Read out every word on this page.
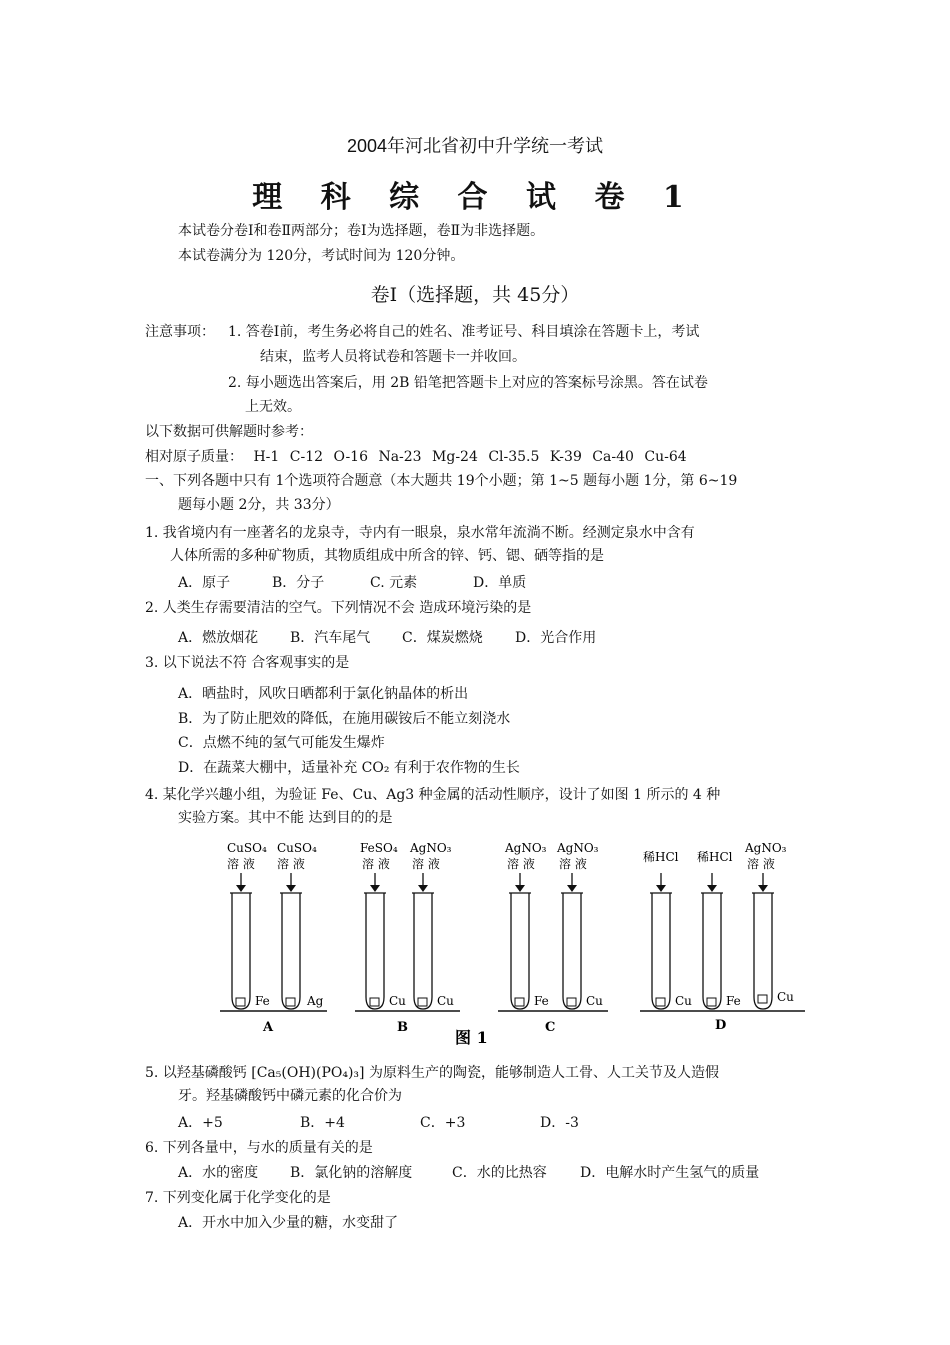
2004年河北省初中升学统一考试
理 科 综 合 试 卷 1
本试卷分卷Ⅰ和卷Ⅱ两部分；卷Ⅰ为选择题，卷Ⅱ为非选择题。
本试卷满分为 120分，考试时间为 120分钟。
卷Ⅰ（选择题，共 45分）
注意事项： 1. 答卷Ⅰ前，考生务必将自己的姓名、准考证号、科目填涂在答题卡上，考试
结束，监考人员将试卷和答题卡一并收回。
2. 每小题选出答案后，用 2B 铅笔把答题卡上对应的答案标号涂黑。答在试卷
上无效。
以下数据可供解题时参考：
相对原子质量： H-1 C-12 O-16 Na-23 Mg-24 Cl-35.5 K-39 Ca-40 Cu-64
一、下列各题中只有 1个选项符合题意（本大题共 19个小题；第 1~5 题每小题 1分，第 6~19
题每小题 2分，共 33分）
1. 我省境内有一座著名的龙泉寺，寺内有一眼泉，泉水常年流淌不断。经测定泉水中含有
人体所需的多种矿物质，其物质组成中所含的锌、钙、锶、硒等指的是
A．原子	B．分子	C. 元素	D．单质
2. 人类生存需要清洁的空气。下列情况不会 造成环境污染的是
A．燃放烟花 B．汽车尾气 C．煤炭燃烧 D．光合作用
3. 以下说法不符 合客观事实的是
A．晒盐时，风吹日晒都利于氯化钠晶体的析出
B．为了防止肥效的降低，在施用碳铵后不能立刻浇水
C．点燃不纯的氢气可能发生爆炸
D．在蔬菜大棚中，适量补充 CO₂ 有利于农作物的生长
4. 某化学兴趣小组，为验证 Fe、Cu、Ag3 种金属的活动性顺序，设计了如图 1 所示的 4 种
实验方案。其中不能 达到目的的是
CuSO₄ CuSO₄
溶 液 溶 液
Fe	Ag
A
FeSO₄ AgNO₃
溶 液 溶 液
Cu	Cu
B
AgNO₃ AgNO₃
溶 液 溶 液
Fe	Cu
C
稀HCl 稀HCl
AgNO₃
溶 液
Cu	Fe	Cu
D
图 1
5. 以羟基磷酸钙 [Ca₅(OH)(PO₄)₃] 为原料生产的陶瓷，能够制造人工骨、人工关节及人造假
牙。羟基磷酸钙中磷元素的化合价为
A．+5	B．+4	C．+3	D．-3
6. 下列各量中，与水的质量有关的是
A．水的密度 B．氯化钠的溶解度	C．水的比热容 D．电解水时产生氢气的质量
7. 下列变化属于化学变化的是
A．开水中加入少量的糖，水变甜了
